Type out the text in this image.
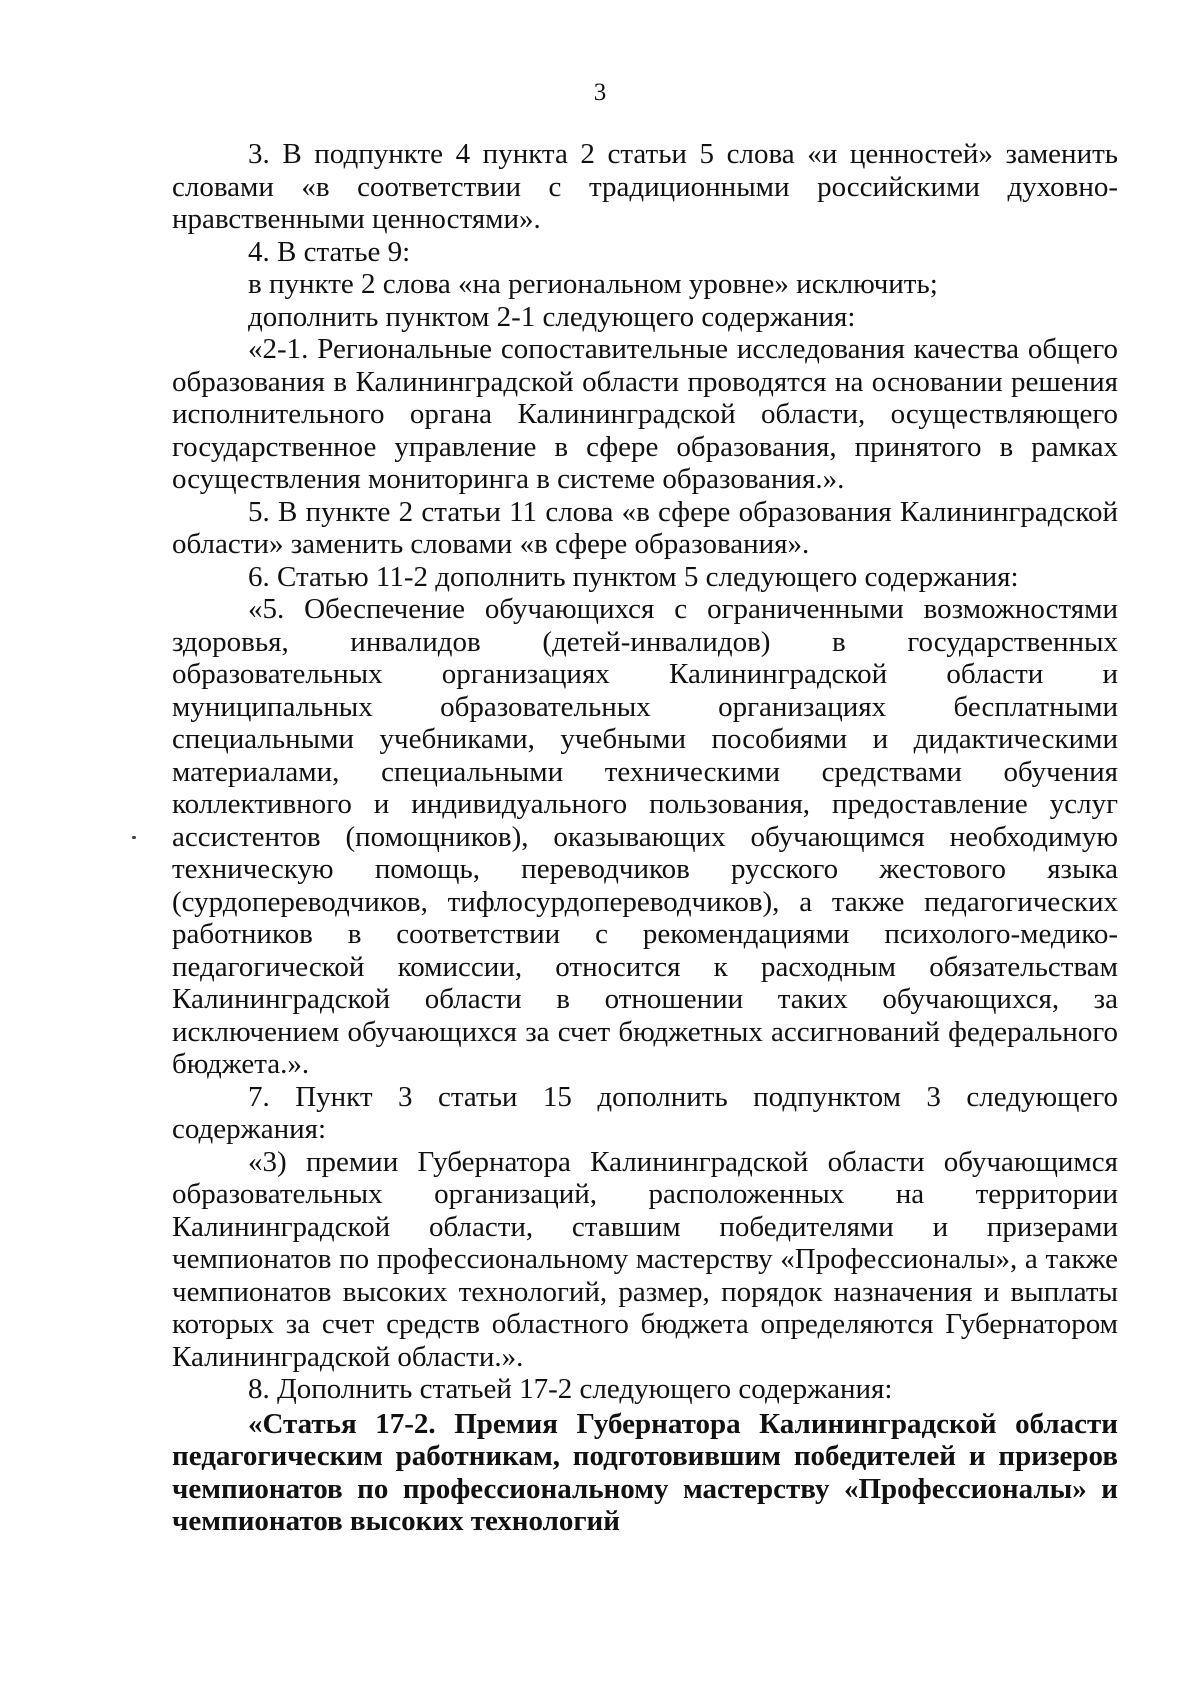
3

3. В подпункте 4 пункта 2 статьи 5 слова «и ценностей» заменить словами «в соответствии с традиционными российскими духовно-нравственными ценностями».

4. В статье 9:

в пункте 2 слова «на региональном уровне» исключить;

дополнить пунктом 2-1 следующего содержания:

«2-1. Региональные сопоставительные исследования качества общего образования в Калининградской области проводятся на основании решения исполнительного органа Калининградской области, осуществляющего государственное управление в сфере образования, принятого в рамках осуществления мониторинга в системе образования.».

5. В пункте 2 статьи 11 слова «в сфере образования Калининградской области» заменить словами «в сфере образования».

6. Статью 11-2 дополнить пунктом 5 следующего содержания:

«5. Обеспечение обучающихся с ограниченными возможностями здоровья, инвалидов (детей-инвалидов) в государственных образовательных организациях Калининградской области и муниципальных образовательных организациях бесплатными специальными учебниками, учебными пособиями и дидактическими материалами, специальными техническими средствами обучения коллективного и индивидуального пользования, предоставление услуг ассистентов (помощников), оказывающих обучающимся необходимую техническую помощь, переводчиков русского жестового языка (сурдопереводчиков, тифлосурдопереводчиков), а также педагогических работников в соответствии с рекомендациями психолого-медико-педагогической комиссии, относится к расходным обязательствам Калининградской области в отношении таких обучающихся, за исключением обучающихся за счет бюджетных ассигнований федерального бюджета.».

7. Пункт 3 статьи 15 дополнить подпунктом 3 следующего содержания:

«3) премии Губернатора Калининградской области обучающимся образовательных организаций, расположенных на территории Калининградской области, ставшим победителями и призерами чемпионатов по профессиональному мастерству «Профессионалы», а также чемпионатов высоких технологий, размер, порядок назначения и выплаты которых за счет средств областного бюджета определяются Губернатором Калининградской области.».

8. Дополнить статьей 17-2 следующего содержания:

«Статья 17-2. Премия Губернатора Калининградской области педагогическим работникам, подготовившим победителей и призеров чемпионатов по профессиональному мастерству «Профессионалы» и чемпионатов высоких технологий
